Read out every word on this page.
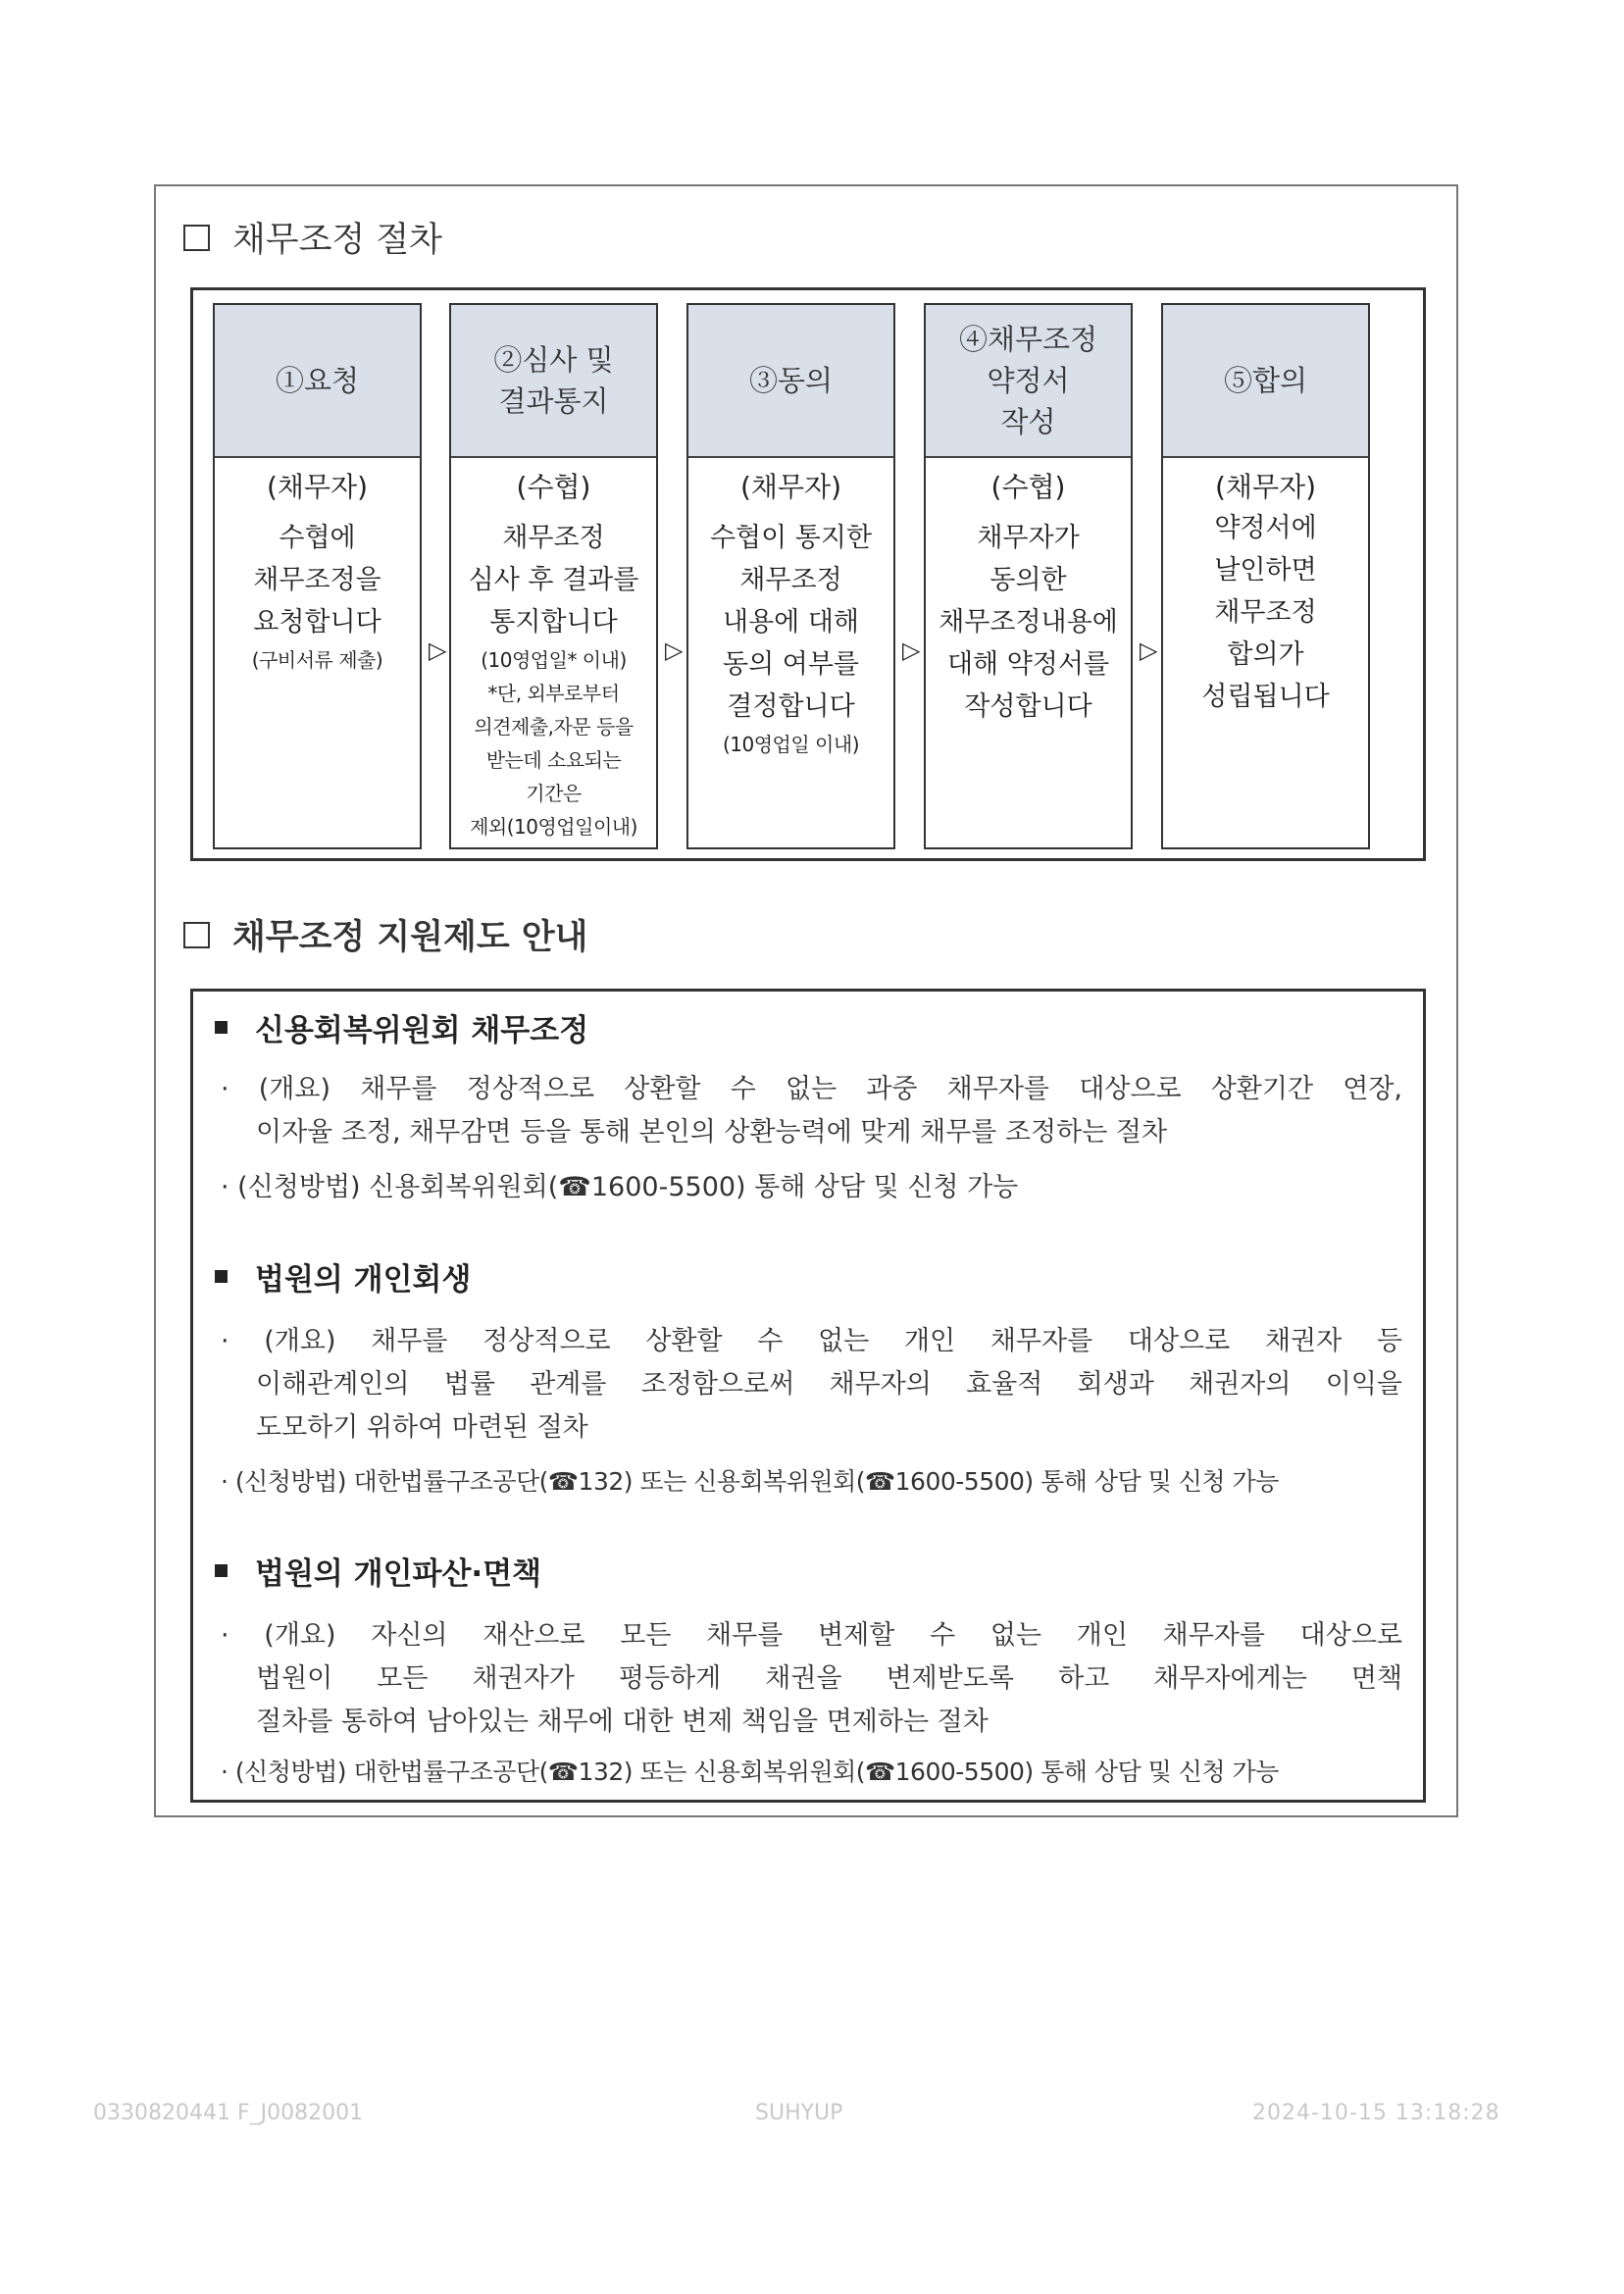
채무조정 절차
①요청
(채무자)
수협에
채무조정을
요청합니다
(구비서류 제출)	▷
②심사 및
결과통지
(수협)
채무조정
심사 후 결과를
통지합니다
(10영업일* 이내)
*단, 외부로부터
의견제출,자문 등을
받는데 소요되는
기간은
제외(10영업일이내)
▷
③동의
(채무자)
수협이 통지한
채무조정
내용에 대해
동의 여부를
결정합니다
(10영업일 이내)
▷
④채무조정
약정서
작성
(수협)
채무자가
동의한
채무조정내용에
대해 약정서를
작성합니다
▷
⑤합의
(채무자)
약정서에
날인하면
채무조정
합의가
성립됩니다
채무조정 지원제도 안내
신용회복위원회 채무조정
· (개요) 채무를 정상적으로 상환할 수 없는 과중 채무자를 대상으로 상환기간 연장,
이자율 조정, 채무감면 등을 통해 본인의 상환능력에 맞게 채무를 조정하는 절차
· (신청방법) 신용회복위원회(☎1600-5500) 통해 상담 및 신청 가능
법원의 개인회생
· (개요) 채무를 정상적으로 상환할 수 없는 개인 채무자를 대상으로 채권자 등
이해관계인의 법률 관계를 조정함으로써 채무자의 효율적 회생과 채권자의 이익을
도모하기 위하여 마련된 절차
· (신청방법) 대한법률구조공단(☎132) 또는 신용회복위원회(☎1600-5500) 통해 상담 및 신청 가능
법원의 개인파산·면책
· (개요) 자신의 재산으로 모든 채무를 변제할 수 없는 개인 채무자를 대상으로
법원이 모든 채권자가 평등하게 채권을 변제받도록 하고 채무자에게는 면책
절차를 통하여 남아있는 채무에 대한 변제 책임을 면제하는 절차
· (신청방법) 대한법률구조공단(☎132) 또는 신용회복위원회(☎1600-5500) 통해 상담 및 신청 가능
0330820441 F_J0082001	SUHYUP	2024-10-15 13:18:28
